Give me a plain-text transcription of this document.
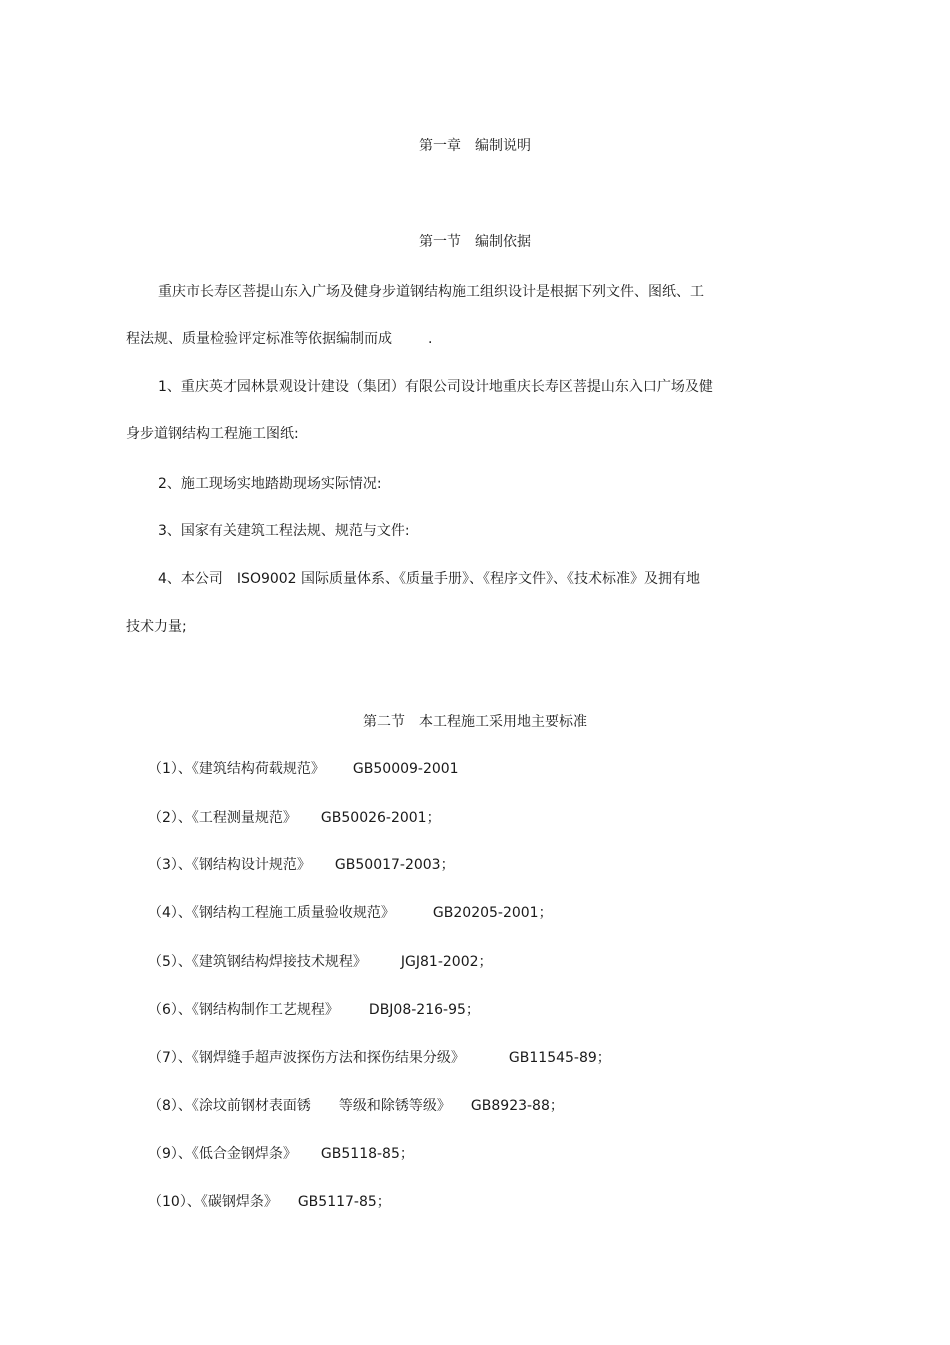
第一章　编制说明
第一节　编制依据
重庆市长寿区菩提山东入广场及健身步道钢结构施工组织设计是根据下列文件、图纸、工
程法规、质量检验评定标准等依据编制而成	.
1、重庆英才园林景观设计建设（集团）有限公司设计地重庆长寿区菩提山东入口广场及健
身步道钢结构工程施工图纸:
2、施工现场实地踏勘现场实际情况:
3、国家有关建筑工程法规、规范与文件:
4、本公司 ISO9002 国际质量体系、《质量手册》、《程序文件》、《技术标准》及拥有地
技术力量;
第二节　本工程施工采用地主要标准
（1）、《建筑结构荷载规范》 GB50009-2001
（2）、《工程测量规范》 GB50026-2001；
（3）、《钢结构设计规范》 GB50017-2003；
（4）、《钢结构工程施工质量验收规范》	GB20205-2001；
（5）、《建筑钢结构焊接技术规程》 JGJ81-2002；
（6）、《钢结构制作工艺规程》 DBJ08-216-95；
（7）、《钢焊缝手超声波探伤方法和探伤结果分级》	GB11545-89；
（8）、《涂坟前钢材表面锈　　等级和除锈等级》 GB8923-88；
（9）、《低合金钢焊条》 GB5118-85；
（10）、《碳钢焊条》 GB5117-85；
